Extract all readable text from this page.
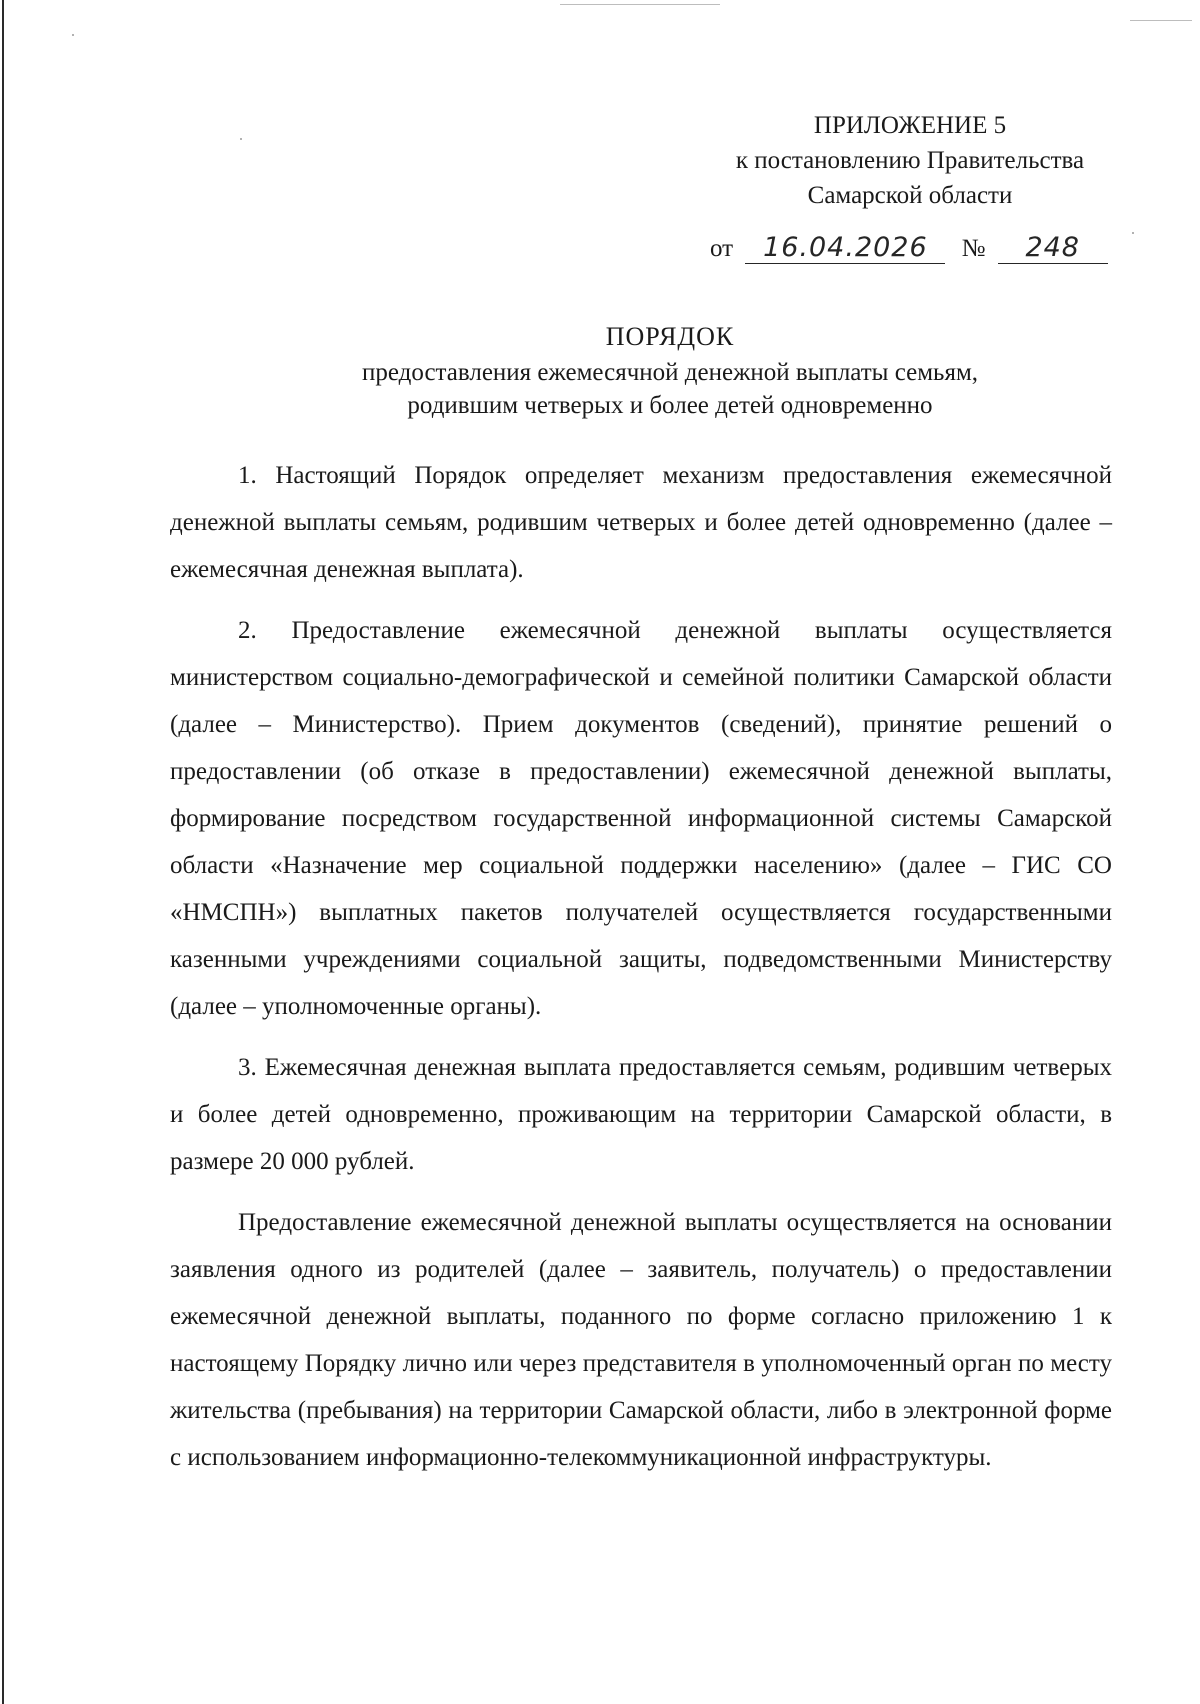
ПРИЛОЖЕНИЕ 5
к постановлению Правительства
Самарской области
от 16.04.2026 № 248
ПОРЯДОК
предоставления ежемесячной денежной выплаты семьям,
родившим четверых и более детей одновременно

1. Настоящий Порядок определяет механизм предоставления ежемесячной денежной выплаты семьям, родившим четверых и более детей одновременно (далее – ежемесячная денежная выплата).

2. Предоставление ежемесячной денежной выплаты осуществляется министерством социально-демографической и семейной политики Самарской области (далее – Министерство). Прием документов (сведений), принятие решений о предоставлении (об отказе в предоставлении) ежемесячной денежной выплаты, формирование посредством государственной информационной системы Самарской области «Назначение мер социальной поддержки населению» (далее – ГИС СО «НМСПН») выплатных пакетов получателей осуществляется государственными казенными учреждениями социальной защиты, подведомственными Министерству (далее – уполномоченные органы).

3. Ежемесячная денежная выплата предоставляется семьям, родившим четверых и более детей одновременно, проживающим на территории Самарской области, в размере 20 000 рублей.

Предоставление ежемесячной денежной выплаты осуществляется на основании заявления одного из родителей (далее – заявитель, получатель) о предоставлении ежемесячной денежной выплаты, поданного по форме согласно приложению 1 к настоящему Порядку лично или через представителя в уполномоченный орган по месту жительства (пребывания) на территории Самарской области, либо в электронной форме с использованием информационно-телекоммуникационной инфраструктуры.
